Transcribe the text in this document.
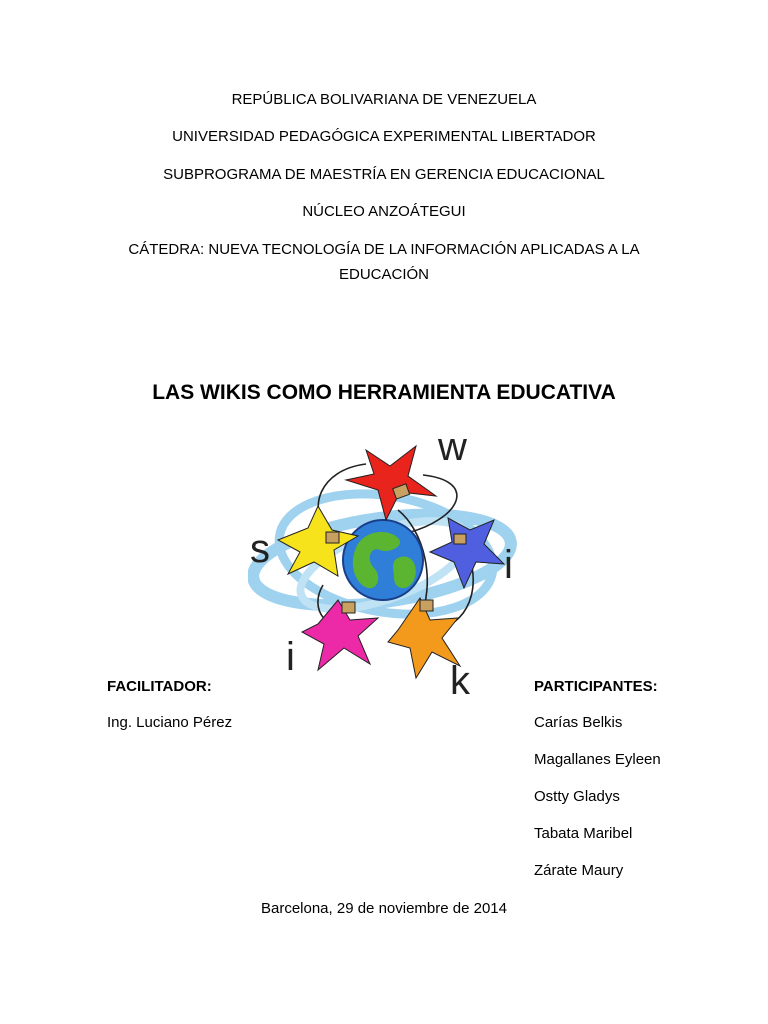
REPÚBLICA BOLIVARIANA DE VENEZUELA
UNIVERSIDAD PEDAGÓGICA EXPERIMENTAL LIBERTADOR
SUBPROGRAMA DE MAESTRÍA EN GERENCIA EDUCACIONAL
NÚCLEO ANZOÁTEGUI
CÁTEDRA: NUEVA TECNOLOGÍA DE LA INFORMACIÓN APLICADAS A LA
EDUCACIÓN
LAS WIKIS COMO HERRAMIENTA EDUCATIVA
w
i
k
i
s
FACILITADOR:
Ing. Luciano Pérez
PARTICIPANTES:
Carías Belkis
Magallanes Eyleen
Ostty Gladys
Tabata Maribel
Zárate Maury
Barcelona, 29 de noviembre de 2014
